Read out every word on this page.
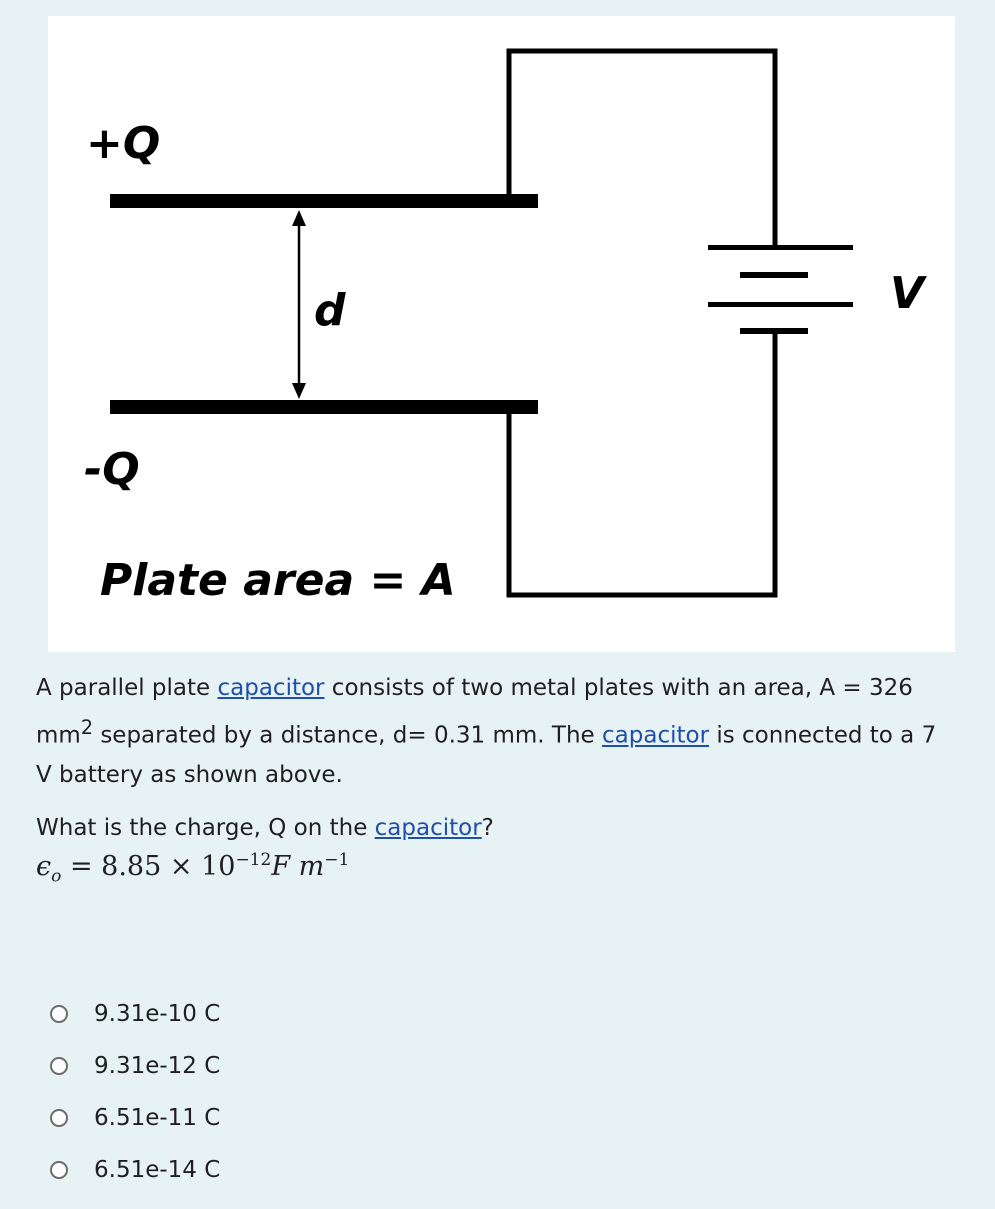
+Q
-Q
d	V
Plate area = A

A parallel plate capacitor consists of two metal plates with an area, A = 326 $mm^2$ separated by a distance, d= 0.31 mm. The capacitor is connected to a 7 V battery as shown above.

What is the charge, Q on the capacitor?

$\epsilon_o = 8.85 \times 10^{-12}F$ $m^{-1}$
9.31e-10 C
9.31e-12 C
6.51e-11 C
6.51e-14 C
